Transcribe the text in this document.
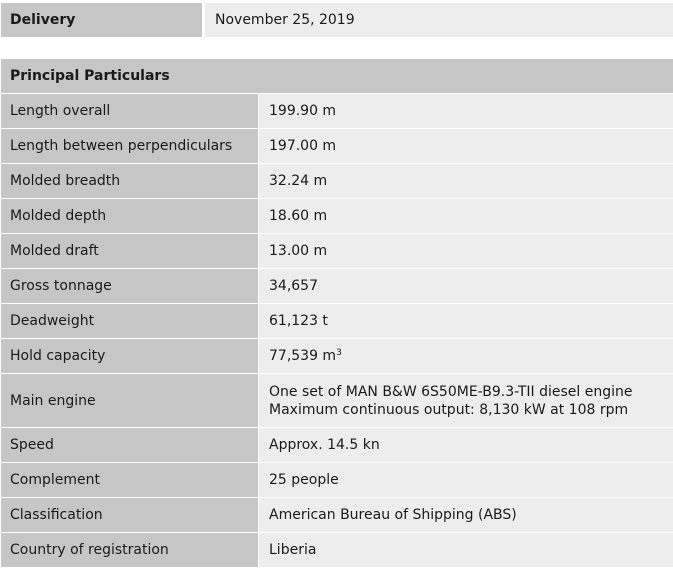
Delivery		November 25, 2019
Principal Particulars	
Length overall		199.90 m
Length between perpendiculars		197.00 m
Molded breadth		32.24 m
Molded depth		18.60 m
Molded draft		13.00 m
Gross tonnage		34,657
Deadweight		61,123 t
Hold capacity		77,539 $m^3$
Main engine		One set of MAN B&W 6S50ME-B9.3-TII diesel engine
Maximum continuous output: 8,130 kW at 108 rpm

Speed		Approx. 14.5 kn
Complement		25 people
Classification		American Bureau of Shipping (ABS)
Country of registration		Liberia
